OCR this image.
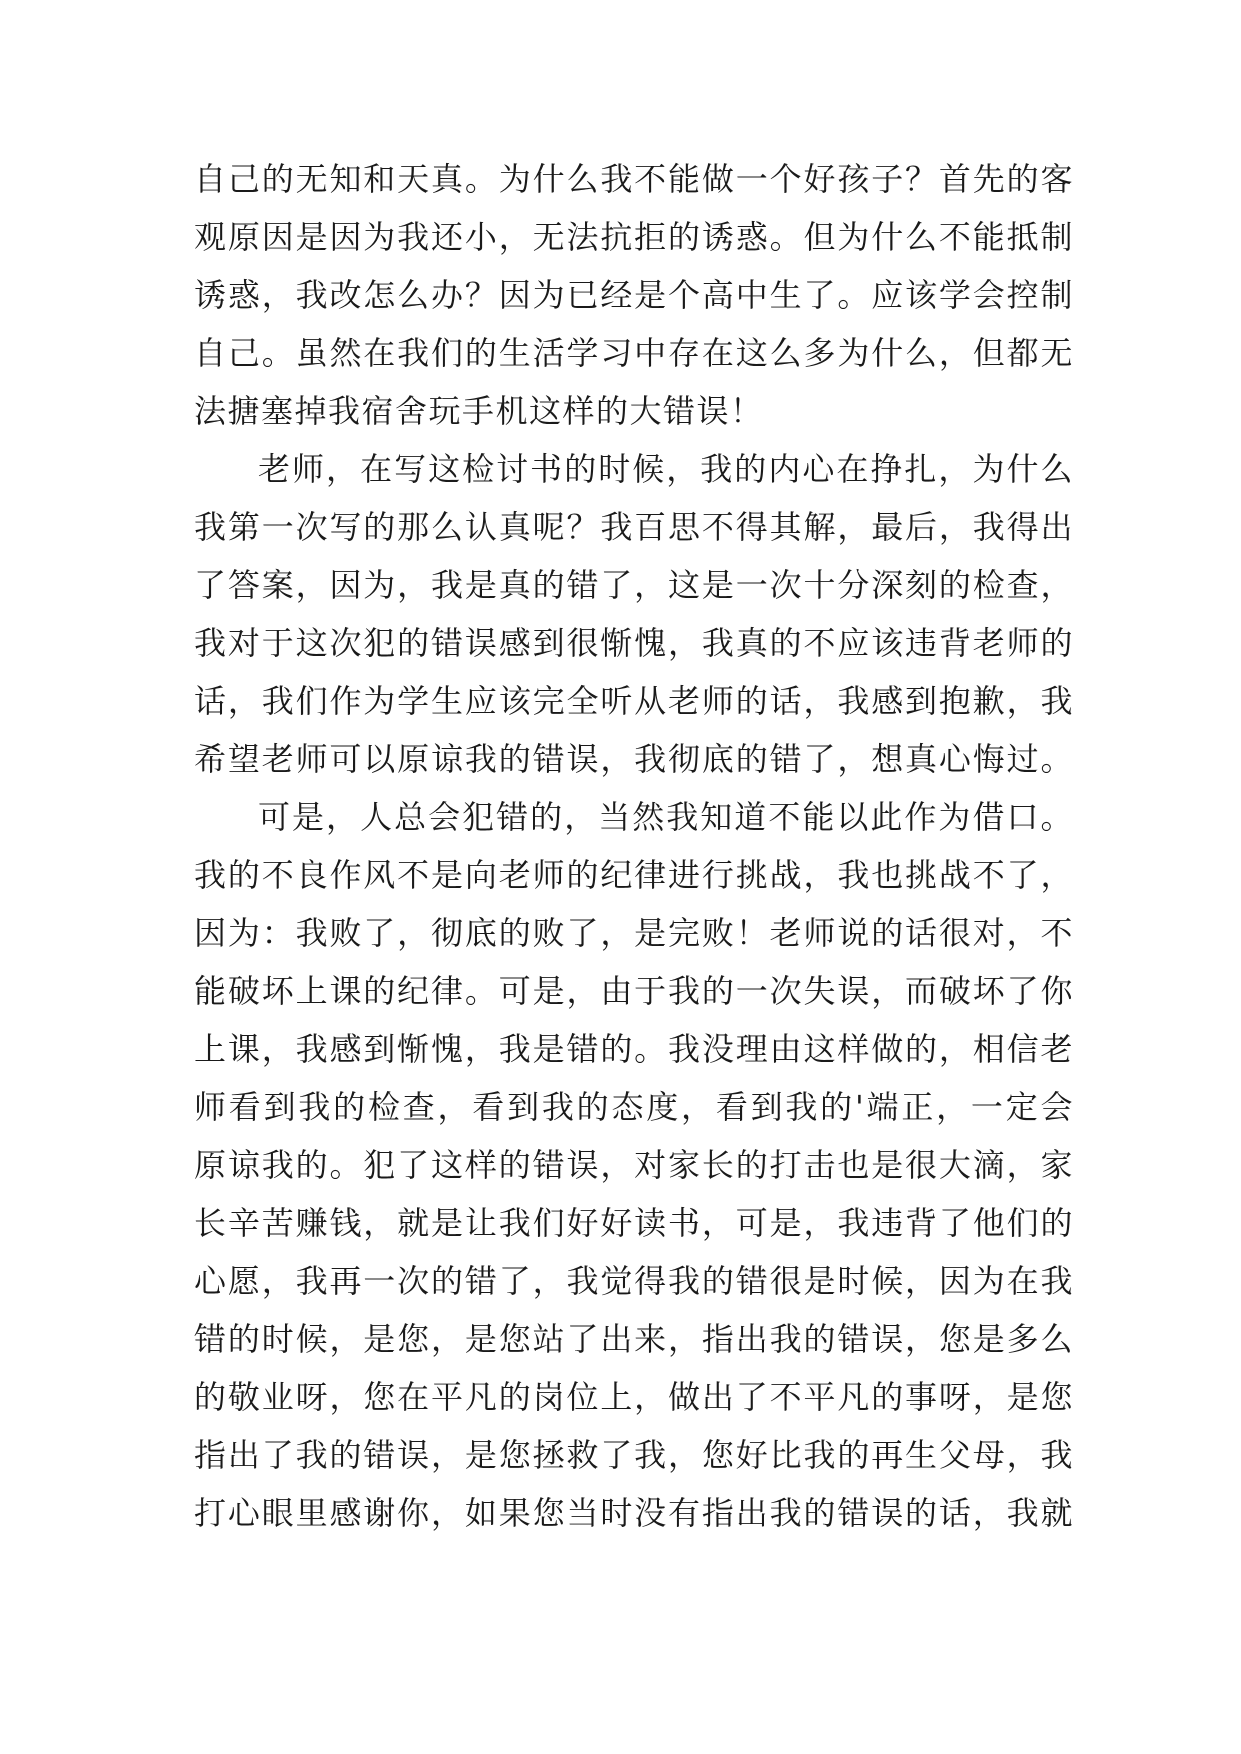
自己的无知和天真。为什么我不能做一个好孩子？首先的客
观原因是因为我还小，无法抗拒的诱惑。但为什么不能抵制
诱惑，我改怎么办？因为已经是个高中生了。应该学会控制
自己。虽然在我们的生活学习中存在这么多为什么，但都无
法搪塞掉我宿舍玩手机这样的大错误！
老师，在写这检讨书的时候，我的内心在挣扎，为什么
我第一次写的那么认真呢？我百思不得其解，最后，我得出
了答案，因为，我是真的错了，这是一次十分深刻的检查，
我对于这次犯的错误感到很惭愧，我真的不应该违背老师的
话，我们作为学生应该完全听从老师的话，我感到抱歉，我
希望老师可以原谅我的错误，我彻底的错了，想真心悔过。
可是，人总会犯错的，当然我知道不能以此作为借口。
我的不良作风不是向老师的纪律进行挑战，我也挑战不了，
因为：我败了，彻底的败了，是完败！老师说的话很对，不
能破坏上课的纪律。可是，由于我的一次失误，而破坏了你
上课，我感到惭愧，我是错的。我没理由这样做的，相信老
师看到我的检查，看到我的态度，看到我的'端正，一定会
原谅我的。犯了这样的错误，对家长的打击也是很大滴，家
长辛苦赚钱，就是让我们好好读书，可是，我违背了他们的
心愿，我再一次的错了，我觉得我的错很是时候，因为在我
错的时候，是您，是您站了出来，指出我的错误，您是多么
的敬业呀，您在平凡的岗位上，做出了不平凡的事呀，是您
指出了我的错误，是您拯救了我，您好比我的再生父母，我
打心眼里感谢你，如果您当时没有指出我的错误的话，我就
